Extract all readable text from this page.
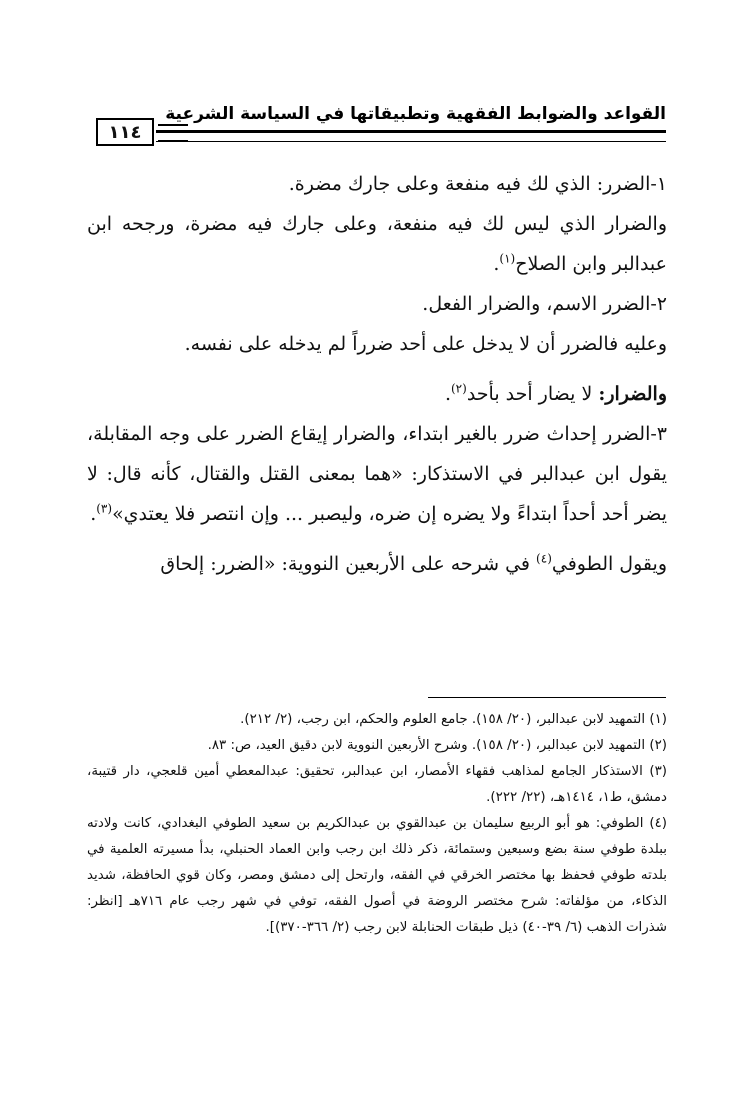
القواعد والضوابط الفقهية وتطبيقاتها في السياسة الشرعية
١١٤

١-الضرر: الذي لك فيه منفعة وعلى جارك مضرة.

والضرار الذي ليس لك فيه منفعة، وعلى جارك فيه مضرة، ورجحه ابن عبدالبر وابن الصلاح$^{(١)}$.

٢-الضرر الاسم، والضرار الفعل.

وعليه فالضرر أن لا يدخل على أحد ضرراً لم يدخله على نفسه.

والضرار: لا يضار أحد بأحد$^{(٢)}$.

٣-الضرر إحداث ضرر بالغير ابتداء، والضرار إيقاع الضرر على وجه المقابلة، يقول ابن عبدالبر في الاستذكار: «هما بمعنى القتل والقتال، كأنه قال: لا يضر أحد أحداً ابتداءً ولا يضره إن ضره، وليصبر ... وإن انتصر فلا يعتدي»$^{(٣)}$.

ويقول الطوفي$^{(٤)}$ في شرحه على الأربعين النووية: «الضرر: إلحاق

(١) التمهيد لابن عبدالبر، (٢٠/ ١٥٨). جامع العلوم والحكم، ابن رجب، (٢/ ٢١٢).

(٢) التمهيد لابن عبدالبر، (٢٠/ ١٥٨). وشرح الأربعين النووية لابن دقيق العيد، ص: ٨٣.

(٣) الاستذكار الجامع لمذاهب فقهاء الأمصار، ابن عبدالبر، تحقيق: عبدالمعطي أمين قلعجي، دار قتيبة، دمشق، ط١، ١٤١٤هـ، (٢٢/ ٢٢٢).

(٤) الطوفي: هو أبو الربيع سليمان بن عبدالقوي بن عبدالكريم بن سعيد الطوفي البغدادي، كانت ولادته ببلدة طوفي سنة بضع وسبعين وستمائة، ذكر ذلك ابن رجب وابن العماد الحنبلي، بدأ مسيرته العلمية في بلدته طوفي فحفظ بها مختصر الخرقي في الفقه، وارتحل إلى دمشق ومصر، وكان قوي الحافظة، شديد الذكاء، من مؤلفاته: شرح مختصر الروضة في أصول الفقه، توفي في شهر رجب عام ٧١٦هـ [انظر: شذرات الذهب (٦/ ٣٩-٤٠) ذيل طبقات الحنابلة لابن رجب (٢/ ٣٦٦-٣٧٠)].
